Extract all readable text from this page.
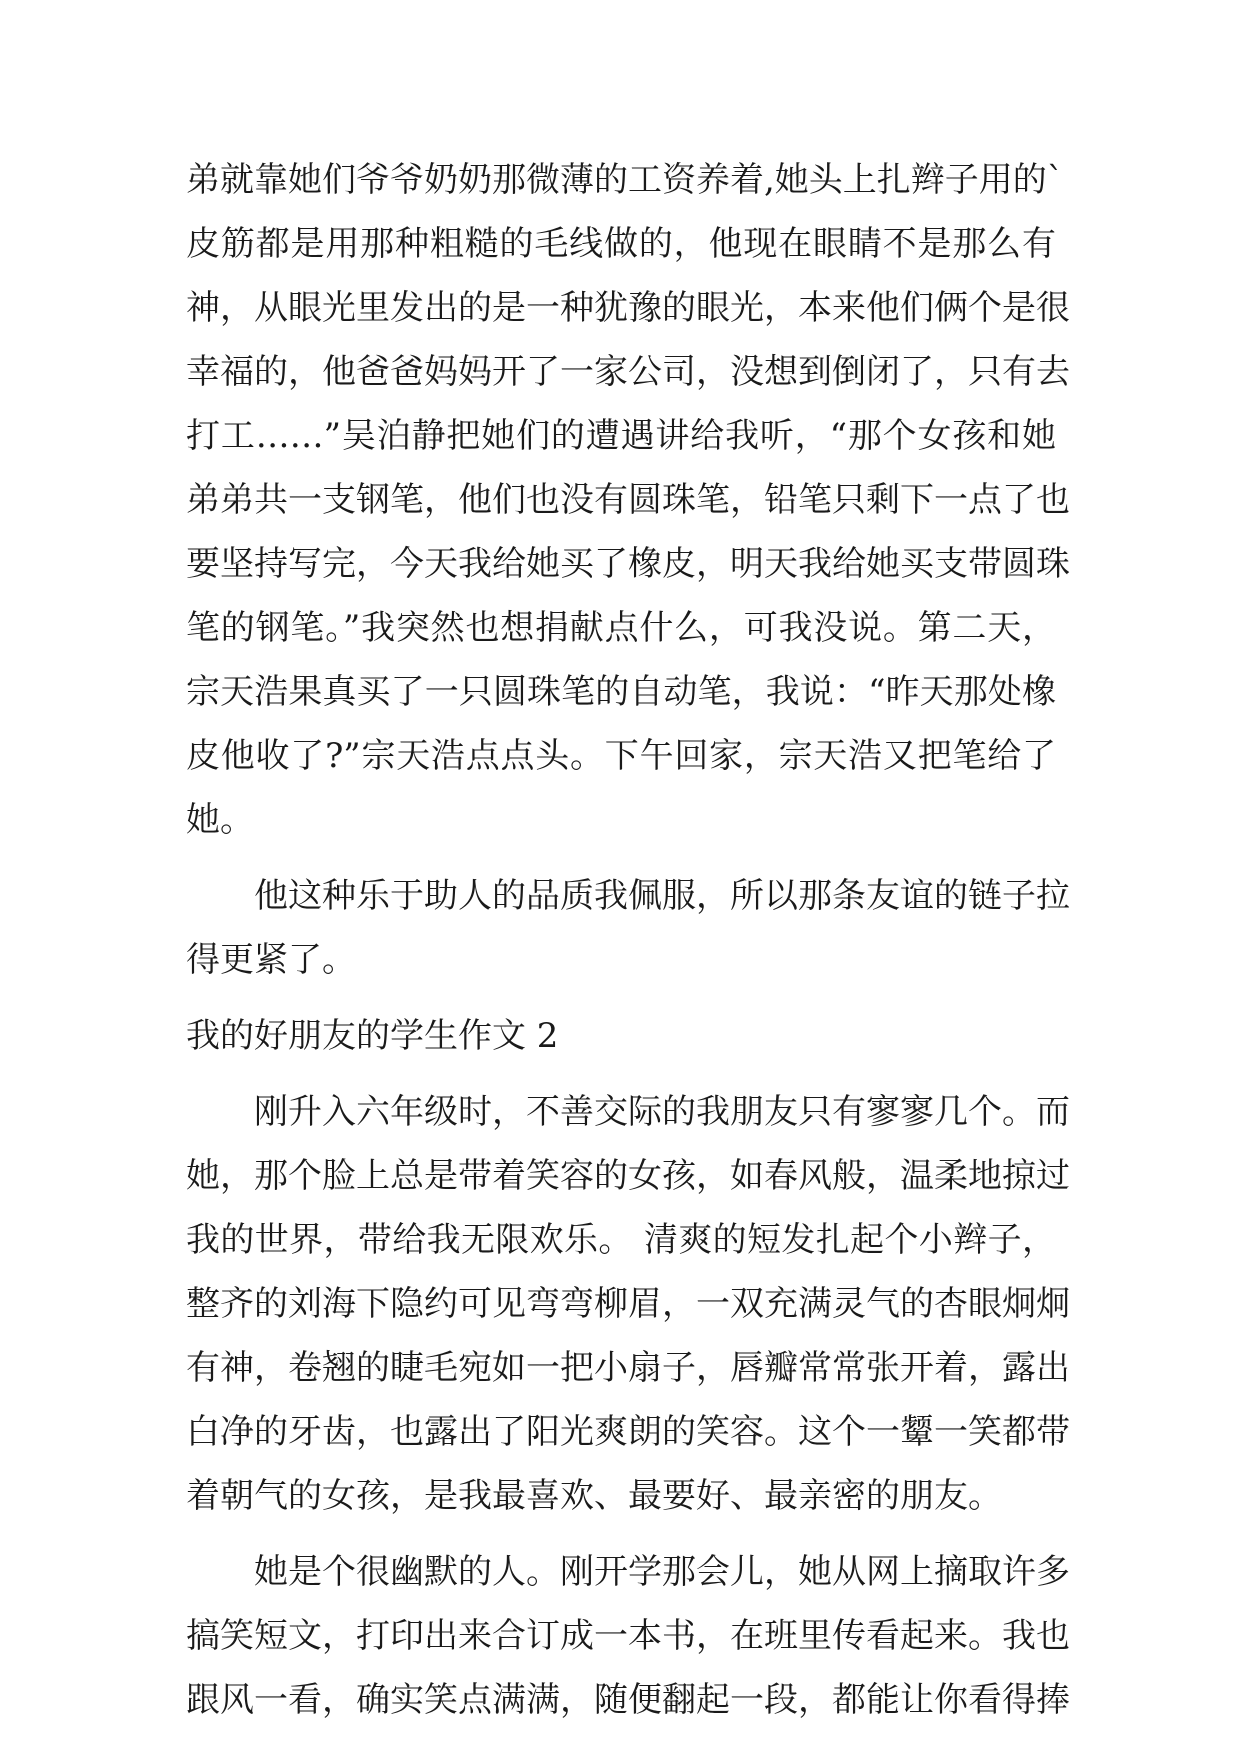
弟就靠她们爷爷奶奶那微薄的工资养着,她头上扎辫子用的`
皮筋都是用那种粗糙的毛线做的，他现在眼睛不是那么有
神，从眼光里发出的是一种犹豫的眼光，本来他们俩个是很
幸福的，他爸爸妈妈开了一家公司，没想到倒闭了，只有去
打工……”吴泊静把她们的遭遇讲给我听，“那个女孩和她
弟弟共一支钢笔，他们也没有圆珠笔，铅笔只剩下一点了也
要坚持写完，今天我给她买了橡皮，明天我给她买支带圆珠
笔的钢笔。”我突然也想捐献点什么，可我没说。第二天，
宗天浩果真买了一只圆珠笔的自动笔，我说：“昨天那处橡
皮他收了?”宗天浩点点头。下午回家，宗天浩又把笔给了
她。
他这种乐于助人的品质我佩服，所以那条友谊的链子拉
得更紧了。
我的好朋友的学生作文 2
刚升入六年级时，不善交际的我朋友只有寥寥几个。而
她，那个脸上总是带着笑容的女孩，如春风般，温柔地掠过
我的世界，带给我无限欢乐。 清爽的短发扎起个小辫子，
整齐的刘海下隐约可见弯弯柳眉，一双充满灵气的杏眼炯炯
有神，卷翘的睫毛宛如一把小扇子，唇瓣常常张开着，露出
白净的牙齿，也露出了阳光爽朗的笑容。这个一颦一笑都带
着朝气的女孩，是我最喜欢、最要好、最亲密的朋友。
她是个很幽默的人。刚开学那会儿，她从网上摘取许多
搞笑短文，打印出来合订成一本书，在班里传看起来。我也
跟风一看，确实笑点满满，随便翻起一段，都能让你看得捧
